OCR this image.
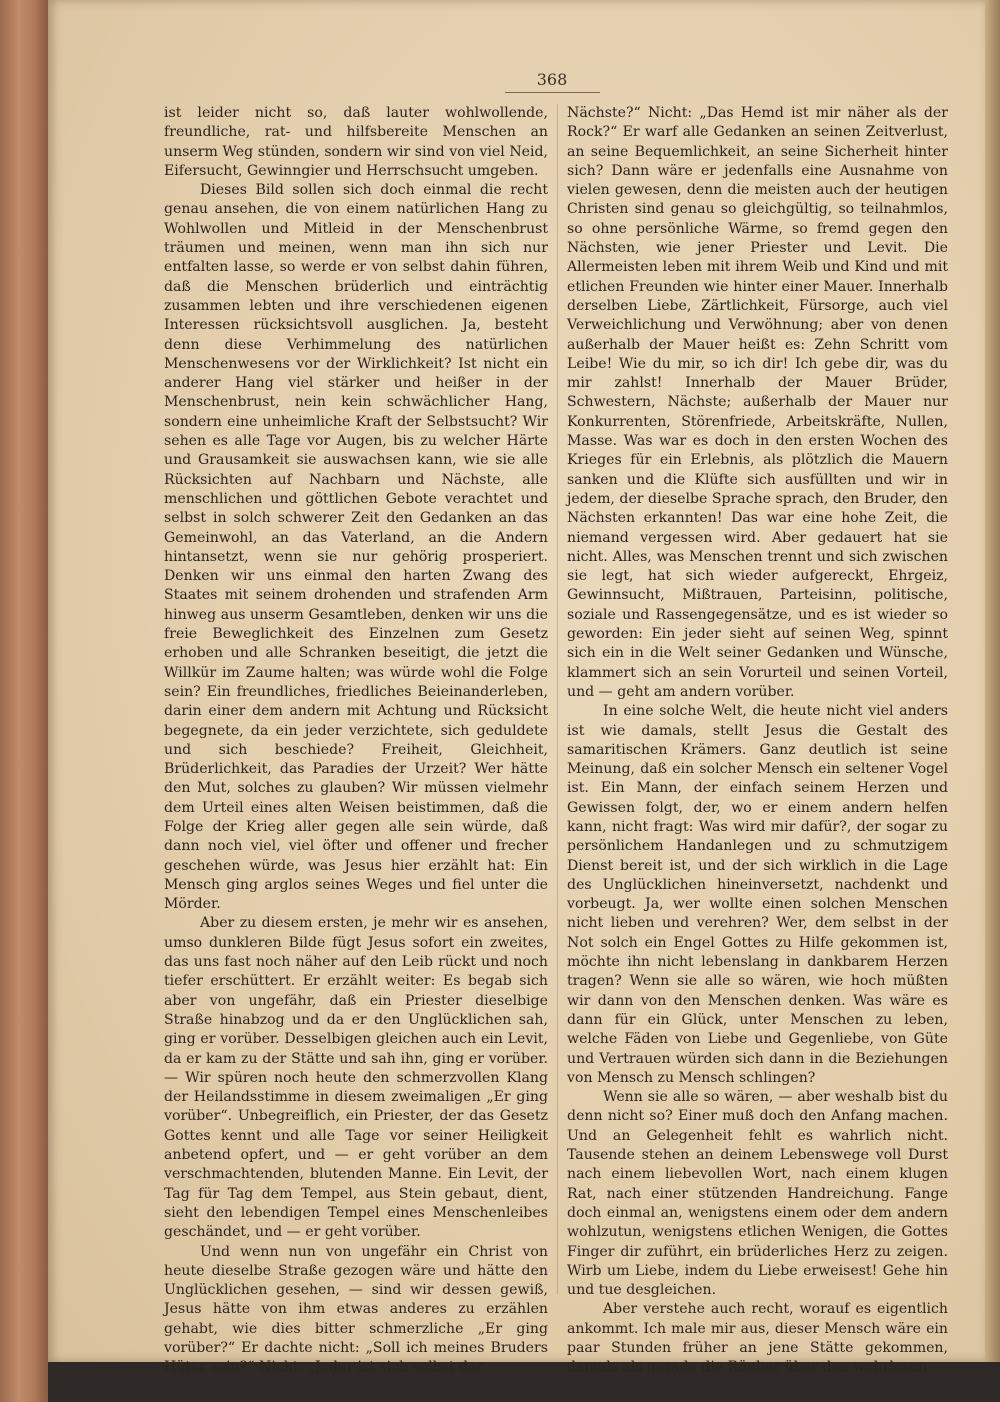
368

ist leider nicht so, daß lauter wohlwollende, freundliche, rat- und hilfsbereite Menschen an unserm Weg stünden, sondern wir sind von viel Neid, Eifersucht, Gewinngier und Herrschsucht umgeben.

Dieses Bild sollen sich doch einmal die recht genau ansehen, die von einem natürlichen Hang zu Wohlwollen und Mitleid in der Menschenbrust träumen und meinen, wenn man ihn sich nur entfalten lasse, so werde er von selbst dahin führen, daß die Menschen brüderlich und einträchtig zusammen lebten und ihre verschiedenen eigenen Interessen rücksichtsvoll ausglichen. Ja, besteht denn diese Verhimmelung des natürlichen Menschenwesens vor der Wirklichkeit? Ist nicht ein anderer Hang viel stärker und heißer in der Menschenbrust, nein kein schwächlicher Hang, sondern eine unheimliche Kraft der Selbstsucht? Wir sehen es alle Tage vor Augen, bis zu welcher Härte und Grausamkeit sie auswachsen kann, wie sie alle Rücksichten auf Nachbarn und Nächste, alle menschlichen und göttlichen Gebote verachtet und selbst in solch schwerer Zeit den Gedanken an das Gemeinwohl, an das Vaterland, an die Andern hintansetzt, wenn sie nur gehörig prosperiert. Denken wir uns einmal den harten Zwang des Staates mit seinem drohenden und strafenden Arm hinweg aus unserm Gesamtleben, denken wir uns die freie Beweglichkeit des Einzelnen zum Gesetz erhoben und alle Schranken beseitigt, die jetzt die Willkür im Zaume halten; was würde wohl die Folge sein? Ein freundliches, friedliches Beieinanderleben, darin einer dem andern mit Achtung und Rücksicht begegnete, da ein jeder verzichtete, sich geduldete und sich beschiede? Freiheit, Gleichheit, Brüderlichkeit, das Paradies der Urzeit? Wer hätte den Mut, solches zu glauben? Wir müssen vielmehr dem Urteil eines alten Weisen beistimmen, daß die Folge der Krieg aller gegen alle sein würde, daß dann noch viel, viel öfter und offener und frecher geschehen würde, was Jesus hier erzählt hat: Ein Mensch ging arglos seines Weges und fiel unter die Mörder.

Aber zu diesem ersten, je mehr wir es ansehen, umso dunkleren Bilde fügt Jesus sofort ein zweites, das uns fast noch näher auf den Leib rückt und noch tiefer erschüttert. Er erzählt weiter: Es begab sich aber von ungefähr, daß ein Priester dieselbige Straße hinabzog und da er den Unglücklichen sah, ging er vorüber. Desselbigen gleichen auch ein Levit, da er kam zu der Stätte und sah ihn, ging er vorüber. — Wir spüren noch heute den schmerzvollen Klang der Heilandsstimme in diesem zweimaligen „Er ging vorüber“. Unbegreiflich, ein Priester, der das Gesetz Gottes kennt und alle Tage vor seiner Heiligkeit anbetend opfert, und — er geht vorüber an dem verschmachtenden, blutenden Manne. Ein Levit, der Tag für Tag dem Tempel, aus Stein gebaut, dient, sieht den lebendigen Tempel eines Menschenleibes geschändet, und — er geht vorüber.

Und wenn nun von ungefähr ein Christ von heute dieselbe Straße gezogen wäre und hätte den Unglücklichen gesehen, — sind wir dessen gewiß, Jesus hätte von ihm etwas anderes zu erzählen gehabt, wie dies bitter schmerzliche „Er ging vorüber?“ Er dachte nicht: „Soll ich meines Bruders Hüter sein?“ Nicht: „Jeder ist sich selbst der

Nächste?“ Nicht: „Das Hemd ist mir näher als der Rock?“ Er warf alle Gedanken an seinen Zeitverlust, an seine Bequemlichkeit, an seine Sicherheit hinter sich? Dann wäre er jedenfalls eine Ausnahme von vielen gewesen, denn die meisten auch der heutigen Christen sind genau so gleichgültig, so teilnahmlos, so ohne persönliche Wärme, so fremd gegen den Nächsten, wie jener Priester und Levit. Die Allermeisten leben mit ihrem Weib und Kind und mit etlichen Freunden wie hinter einer Mauer. Innerhalb derselben Liebe, Zärtlichkeit, Fürsorge, auch viel Verweichlichung und Verwöhnung; aber von denen außerhalb der Mauer heißt es: Zehn Schritt vom Leibe! Wie du mir, so ich dir! Ich gebe dir, was du mir zahlst! Innerhalb der Mauer Brüder, Schwestern, Nächste; außerhalb der Mauer nur Konkurrenten, Störenfriede, Arbeitskräfte, Nullen, Masse. Was war es doch in den ersten Wochen des Krieges für ein Erlebnis, als plötzlich die Mauern sanken und die Klüfte sich ausfüllten und wir in jedem, der dieselbe Sprache sprach, den Bruder, den Nächsten erkannten! Das war eine hohe Zeit, die niemand vergessen wird. Aber gedauert hat sie nicht. Alles, was Menschen trennt und sich zwischen sie legt, hat sich wieder aufgereckt, Ehrgeiz, Gewinnsucht, Mißtrauen, Parteisinn, politische, soziale und Rassengegensätze, und es ist wieder so geworden: Ein jeder sieht auf seinen Weg, spinnt sich ein in die Welt seiner Gedanken und Wünsche, klammert sich an sein Vorurteil und seinen Vorteil, und — geht am andern vorüber.

In eine solche Welt, die heute nicht viel anders ist wie damals, stellt Jesus die Gestalt des samaritischen Krämers. Ganz deutlich ist seine Meinung, daß ein solcher Mensch ein seltener Vogel ist. Ein Mann, der einfach seinem Herzen und Gewissen folgt, der, wo er einem andern helfen kann, nicht fragt: Was wird mir dafür?, der sogar zu persönlichem Handanlegen und zu schmutzigem Dienst bereit ist, und der sich wirklich in die Lage des Unglücklichen hineinversetzt, nachdenkt und vorbeugt. Ja, wer wollte einen solchen Menschen nicht lieben und verehren? Wer, dem selbst in der Not solch ein Engel Gottes zu Hilfe gekommen ist, möchte ihn nicht lebenslang in dankbarem Herzen tragen? Wenn sie alle so wären, wie hoch müßten wir dann von den Menschen denken. Was wäre es dann für ein Glück, unter Menschen zu leben, welche Fäden von Liebe und Gegenliebe, von Güte und Vertrauen würden sich dann in die Beziehungen von Mensch zu Mensch schlingen?

Wenn sie alle so wären, — aber weshalb bist du denn nicht so? Einer muß doch den Anfang machen. Und an Gelegenheit fehlt es wahrlich nicht. Tausende stehen an deinem Lebenswege voll Durst nach einem liebevollen Wort, nach einem klugen Rat, nach einer stützenden Handreichung. Fange doch einmal an, wenigstens einem oder dem andern wohlzutun, wenigstens etlichen Wenigen, die Gottes Finger dir zuführt, ein brüderliches Herz zu zeigen. Wirb um Liebe, indem du Liebe erweisest! Gehe hin und tue desgleichen.

Aber verstehe auch recht, worauf es eigentlich ankommt. Ich male mir aus, dieser Mensch wäre ein paar Stunden früher an jene Stätte gekommen, damals als gerade die Räuber über den wehrlosen
